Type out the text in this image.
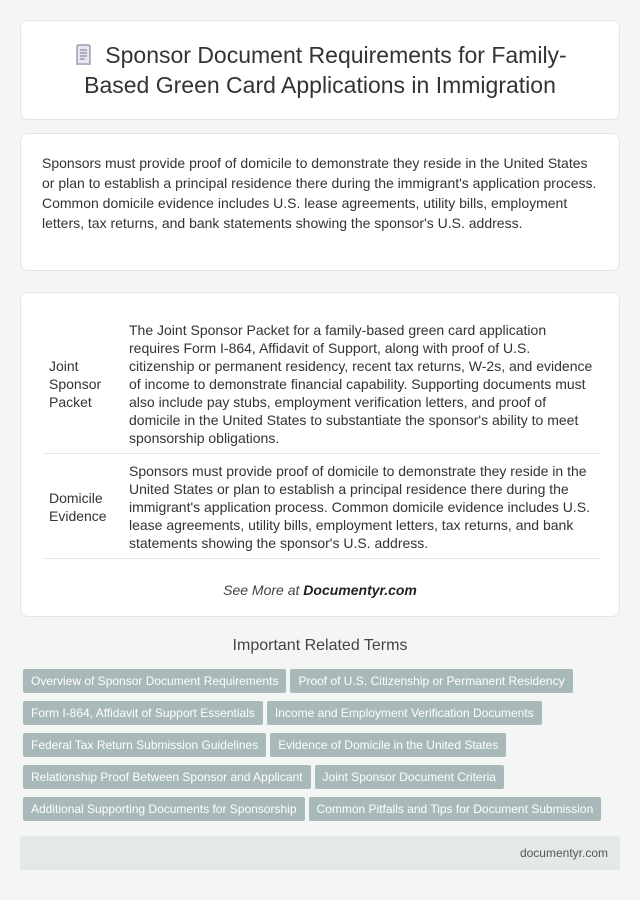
Sponsor Document Requirements for Family-Based Green Card Applications in Immigration

Sponsors must provide proof of domicile to demonstrate they reside in the United States or plan to establish a principal residence there during the immigrant's application process. Common domicile evidence includes U.S. lease agreements, utility bills, employment letters, tax returns, and bank statements showing the sponsor's U.S. address.

Joint Sponsor Packet	The Joint Sponsor Packet for a family-based green card application requires Form I-864, Affidavit of Support, along with proof of U.S. citizenship or permanent residency, recent tax returns, W-2s, and evidence of income to demonstrate financial capability. Supporting documents must also include pay stubs, employment verification letters, and proof of domicile in the United States to substantiate the sponsor's ability to meet sponsorship obligations.
Domicile Evidence	Sponsors must provide proof of domicile to demonstrate they reside in the United States or plan to establish a principal residence there during the immigrant's application process. Common domicile evidence includes U.S. lease agreements, utility bills, employment letters, tax returns, and bank statements showing the sponsor's U.S. address.
See More at Documentyr.com
Important Related Terms
Overview of Sponsor Document Requirements Proof of U.S. Citizenship or Permanent Residency
Form I-864, Affidavit of Support Essentials Income and Employment Verification Documents
Federal Tax Return Submission Guidelines Evidence of Domicile in the United States
Relationship Proof Between Sponsor and Applicant Joint Sponsor Document Criteria
Additional Supporting Documents for Sponsorship Common Pitfalls and Tips for Document Submission
documentyr.com
